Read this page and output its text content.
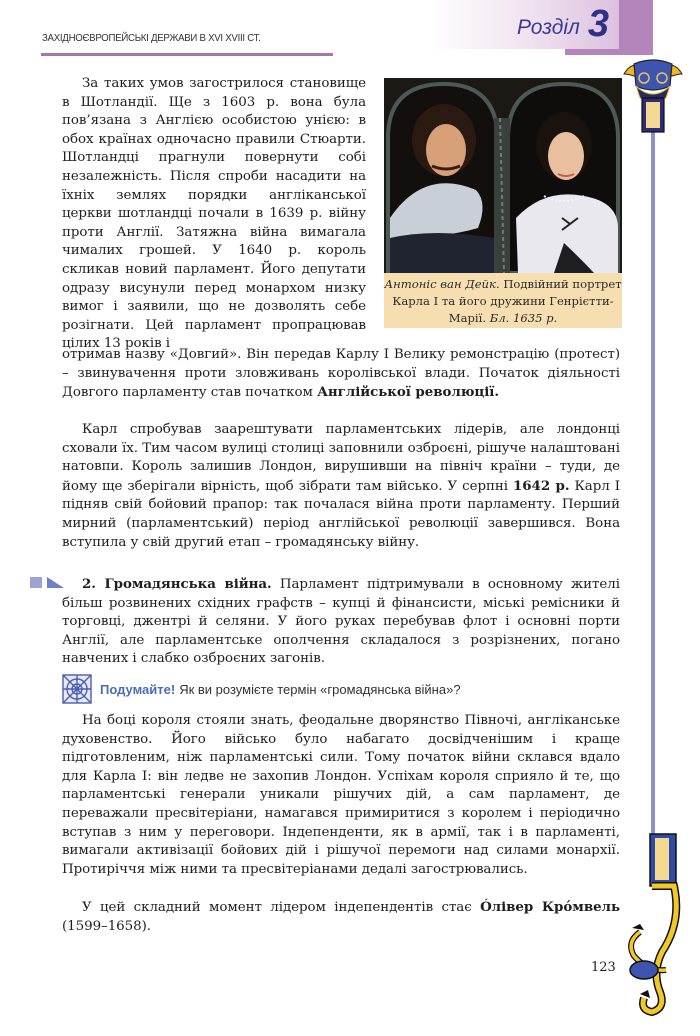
ЗАХІДНОЄВРОПЕЙСЬКІ ДЕРЖАВИ В XVI XVIII СТ.	Розділ 3
Антоніс ван Дейк. Подвійний портрет Карла І та його дружини Генрієтти-Марії. Бл. 1635 р.
За таких умов загострилося становище в Шотландії. Ще з 1603 р. вона була пов’язана з Англією особистою унією: в обох країнах одночасно правили Стюарти. Шотландці прагнули повернути собі незалежність. Після спроби насадити на їхніх землях порядки англіканської церкви шотландці почали в 1639 р. війну проти Англії. Затяжна війна вимагала чималих грошей. У 1640 р. король скликав новий парламент. Його депутати одразу висунули перед монархом низку вимог і заявили, що не дозволять себе розігнати. Цей парламент пропрацював цілих 13 років і
отримав назву «Довгий». Він передав Карлу І Велику ремонстрацію (протест) – звинувачення проти зловживань королівської влади. Початок діяльності Довгого парламенту став початком Англійської революції.
Карл спробував заарештувати парламентських лідерів, але лондонці сховали їх. Тим часом вулиці столиці заповнили озброєні, рішуче налаштовані натовпи. Король залишив Лондон, вирушивши на північ країни – туди, де йому ще зберігали вірність, щоб зібрати там військо. У серпні 1642 р. Карл І підняв свій бойовий прапор: так почалася війна проти парламенту. Перший мирний (парламентський) період англійської революції завершився. Вона вступила у свій другий етап – громадянську війну.
2. Громадянська війна. Парламент підтримували в основному жителі більш розвинених східних графств – купці й фінансисти, міські ремісники й торговці, джентрі й селяни. У його руках перебував флот і основні порти Англії, але парламентське ополчення складалося з розрізнених, погано навчених і слабко озброєних загонів.
Подумайте! Як ви розумієте термін «громадянська війна»?
На боці короля стояли знать, феодальне дворянство Півночі, англіканське духовенство. Його військо було набагато досвідченішим і краще підготовленим, ніж парламентські сили. Тому початок війни склався вдало для Карла І: він ледве не захопив Лондон. Успіхам короля сприяло й те, що парламентські генерали уникали рішучих дій, а сам парламент, де переважали пресвітеріани, намагався примиритися з королем і періодично вступав з ним у переговори. Індепенденти, як в армії, так і в парламенті, вимагали активізації бойових дій і рішучої перемоги над силами монархії. Протиріччя між ними та пресвітеріанами дедалі загострювались.
У цей складний момент лідером індепендентів стає Óлівер Крóмвель (1599–1658).
123
